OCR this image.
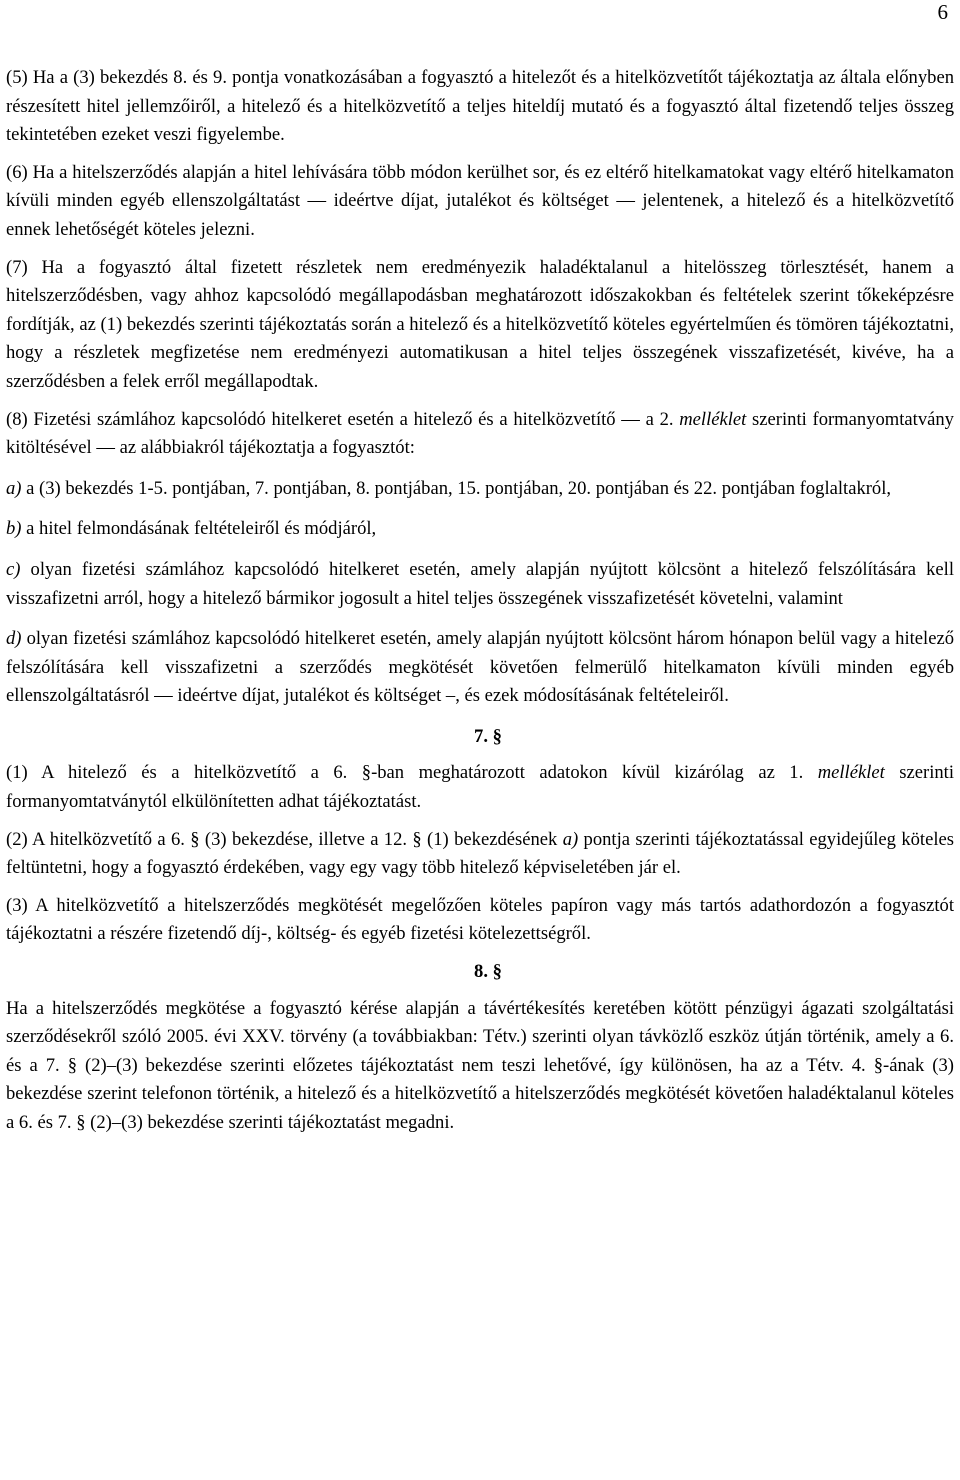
6

(5) Ha a (3) bekezdés 8. és 9. pontja vonatkozásában a fogyasztó a hitelezőt és a hitelközvetítőt tájékoztatja az általa előnyben részesített hitel jellemzőiről, a hitelező és a hitelközvetítő a teljes hiteldíj mutató és a fogyasztó által fizetendő teljes összeg tekintetében ezeket veszi figyelembe.

(6) Ha a hitelszerződés alapján a hitel lehívására több módon kerülhet sor, és ez eltérő hitelkamatokat vagy eltérő hitelkamaton kívüli minden egyéb ellenszolgáltatást — ideértve díjat, jutalékot és költséget — jelentenek, a hitelező és a hitelközvetítő ennek lehetőségét köteles jelezni.

(7) Ha a fogyasztó által fizetett részletek nem eredményezik haladéktalanul a hitelösszeg törlesztését, hanem a hitelszerződésben, vagy ahhoz kapcsolódó megállapodásban meghatározott időszakokban és feltételek szerint tőkeképzésre fordítják, az (1) bekezdés szerinti tájékoztatás során a hitelező és a hitelközvetítő köteles egyértelműen és tömören tájékoztatni, hogy a részletek megfizetése nem eredményezi automatikusan a hitel teljes összegének visszafizetését, kivéve, ha a szerződésben a felek erről megállapodtak.

(8) Fizetési számlához kapcsolódó hitelkeret esetén a hitelező és a hitelközvetítő — a 2. melléklet szerinti formanyomtatvány kitöltésével — az alábbiakról tájékoztatja a fogyasztót:

a) a (3) bekezdés 1-5. pontjában, 7. pontjában, 8. pontjában, 15. pontjában, 20. pontjában és 22. pontjában foglaltakról,

b) a hitel felmondásának feltételeiről és módjáról,

c) olyan fizetési számlához kapcsolódó hitelkeret esetén, amely alapján nyújtott kölcsönt a hitelező felszólítására kell visszafizetni arról, hogy a hitelező bármikor jogosult a hitel teljes összegének visszafizetését követelni, valamint

d) olyan fizetési számlához kapcsolódó hitelkeret esetén, amely alapján nyújtott kölcsönt három hónapon belül vagy a hitelező felszólítására kell visszafizetni a szerződés megkötését követően felmerülő hitelkamaton kívüli minden egyéb ellenszolgáltatásról — ideértve díjat, jutalékot és költséget –, és ezek módosításának feltételeiről.

7. §

(1) A hitelező és a hitelközvetítő a 6. §-ban meghatározott adatokon kívül kizárólag az 1. melléklet szerinti formanyomtatványtól elkülönítetten adhat tájékoztatást.

(2) A hitelközvetítő a 6. § (3) bekezdése, illetve a 12. § (1) bekezdésének a) pontja szerinti tájékoztatással egyidejűleg köteles feltüntetni, hogy a fogyasztó érdekében, vagy egy vagy több hitelező képviseletében jár el.

(3) A hitelközvetítő a hitelszerződés megkötését megelőzően köteles papíron vagy más tartós adathordozón a fogyasztót tájékoztatni a részére fizetendő díj-, költség- és egyéb fizetési kötelezettségről.

8. §

Ha a hitelszerződés megkötése a fogyasztó kérése alapján a távértékesítés keretében kötött pénzügyi ágazati szolgáltatási szerződésekről szóló 2005. évi XXV. törvény (a továbbiakban: Tétv.) szerinti olyan távközlő eszköz útján történik, amely a 6. és a 7. § (2)–(3) bekezdése szerinti előzetes tájékoztatást nem teszi lehetővé, így különösen, ha az a Tétv. 4. §-ának (3) bekezdése szerint telefonon történik, a hitelező és a hitelközvetítő a hitelszerződés megkötését követően haladéktalanul köteles a 6. és 7. § (2)–(3) bekezdése szerinti tájékoztatást megadni.
